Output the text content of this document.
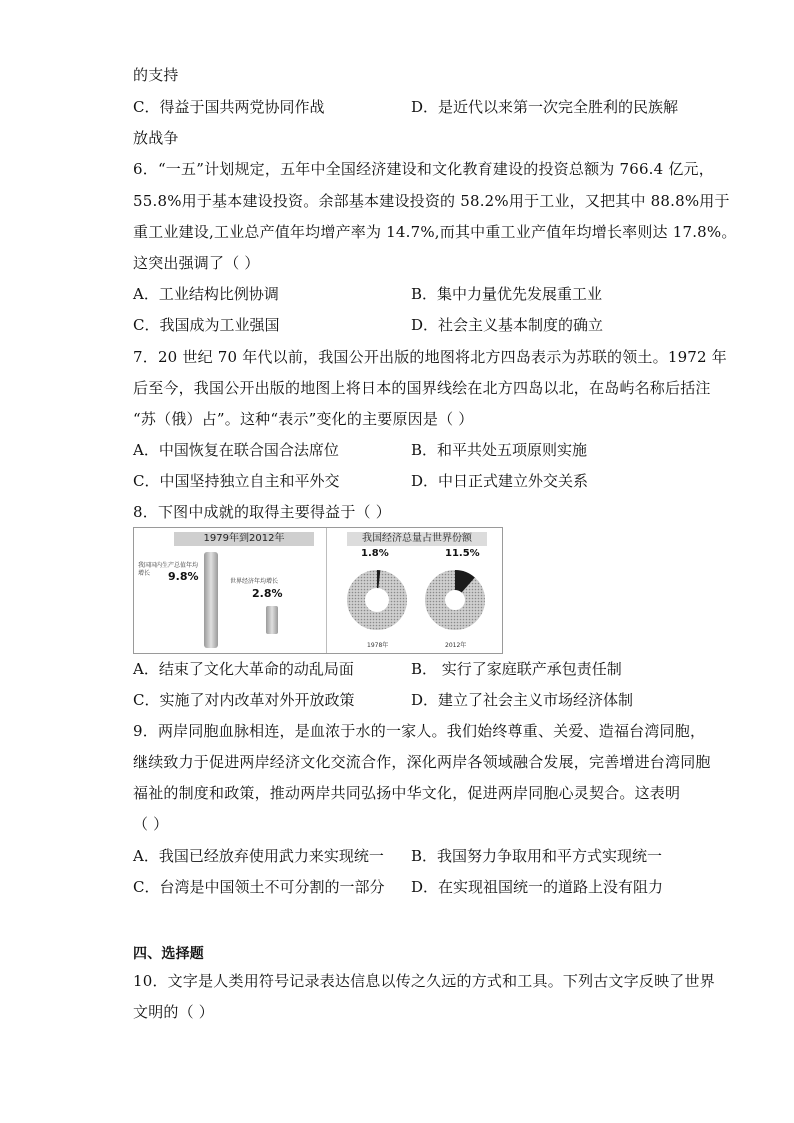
的支持
C．得益于国共两党协同作战	D．是近代以来第一次完全胜利的民族解
放战争
6．“一五”计划规定，五年中全国经济建设和文化教育建设的投资总额为 766.4 亿元，
55.8%用于基本建设投资。余部基本建设投资的 58.2%用于工业，又把其中 88.8%用于
重工业建设,工业总产值年均增产率为 14.7%,而其中重工业产值年均增长率则达 17.8%。
这突出强调了（ ）
A．工业结构比例协调	B．集中力量优先发展重工业
C．我国成为工业强国	D．社会主义基本制度的确立
7．20 世纪 70 年代以前，我国公开出版的地图将北方四岛表示为苏联的领土。1972 年
后至今，我国公开出版的地图上将日本的国界线绘在北方四岛以北，在岛屿名称后括注
“苏（俄）占”。这种“表示”变化的主要原因是（ ）
A．中国恢复在联合国合法席位	B．和平共处五项原则实施
C．中国坚持独立自主和平外交	D．中日正式建立外交关系
8．下图中成就的取得主要得益于（ ）
1979年到2012年
我国国内生产总值年均增长	9.8%	世界经济年均增长
2.8%
我国经济总量占世界份额
1.8%	11.5%
1978年	2012年
A．结束了文化大革命的动乱局面	B． 实行了家庭联产承包责任制
C．实施了对内改革对外开放政策	D．建立了社会主义市场经济体制
9．两岸同胞血脉相连，是血浓于水的一家人。我们始终尊重、关爱、造福台湾同胞，
继续致力于促进两岸经济文化交流合作，深化两岸各领域融合发展，完善增进台湾同胞
福祉的制度和政策，推动两岸共同弘扬中华文化，促进两岸同胞心灵契合。这表明
（ ）
A．我国已经放弃使用武力来实现统一 B．我国努力争取用和平方式实现统一
C．台湾是中国领土不可分割的一部分 D．在实现祖国统一的道路上没有阻力
四、选择题
10．文字是人类用符号记录表达信息以传之久远的方式和工具。下列古文字反映了世界
文明的（ ）
